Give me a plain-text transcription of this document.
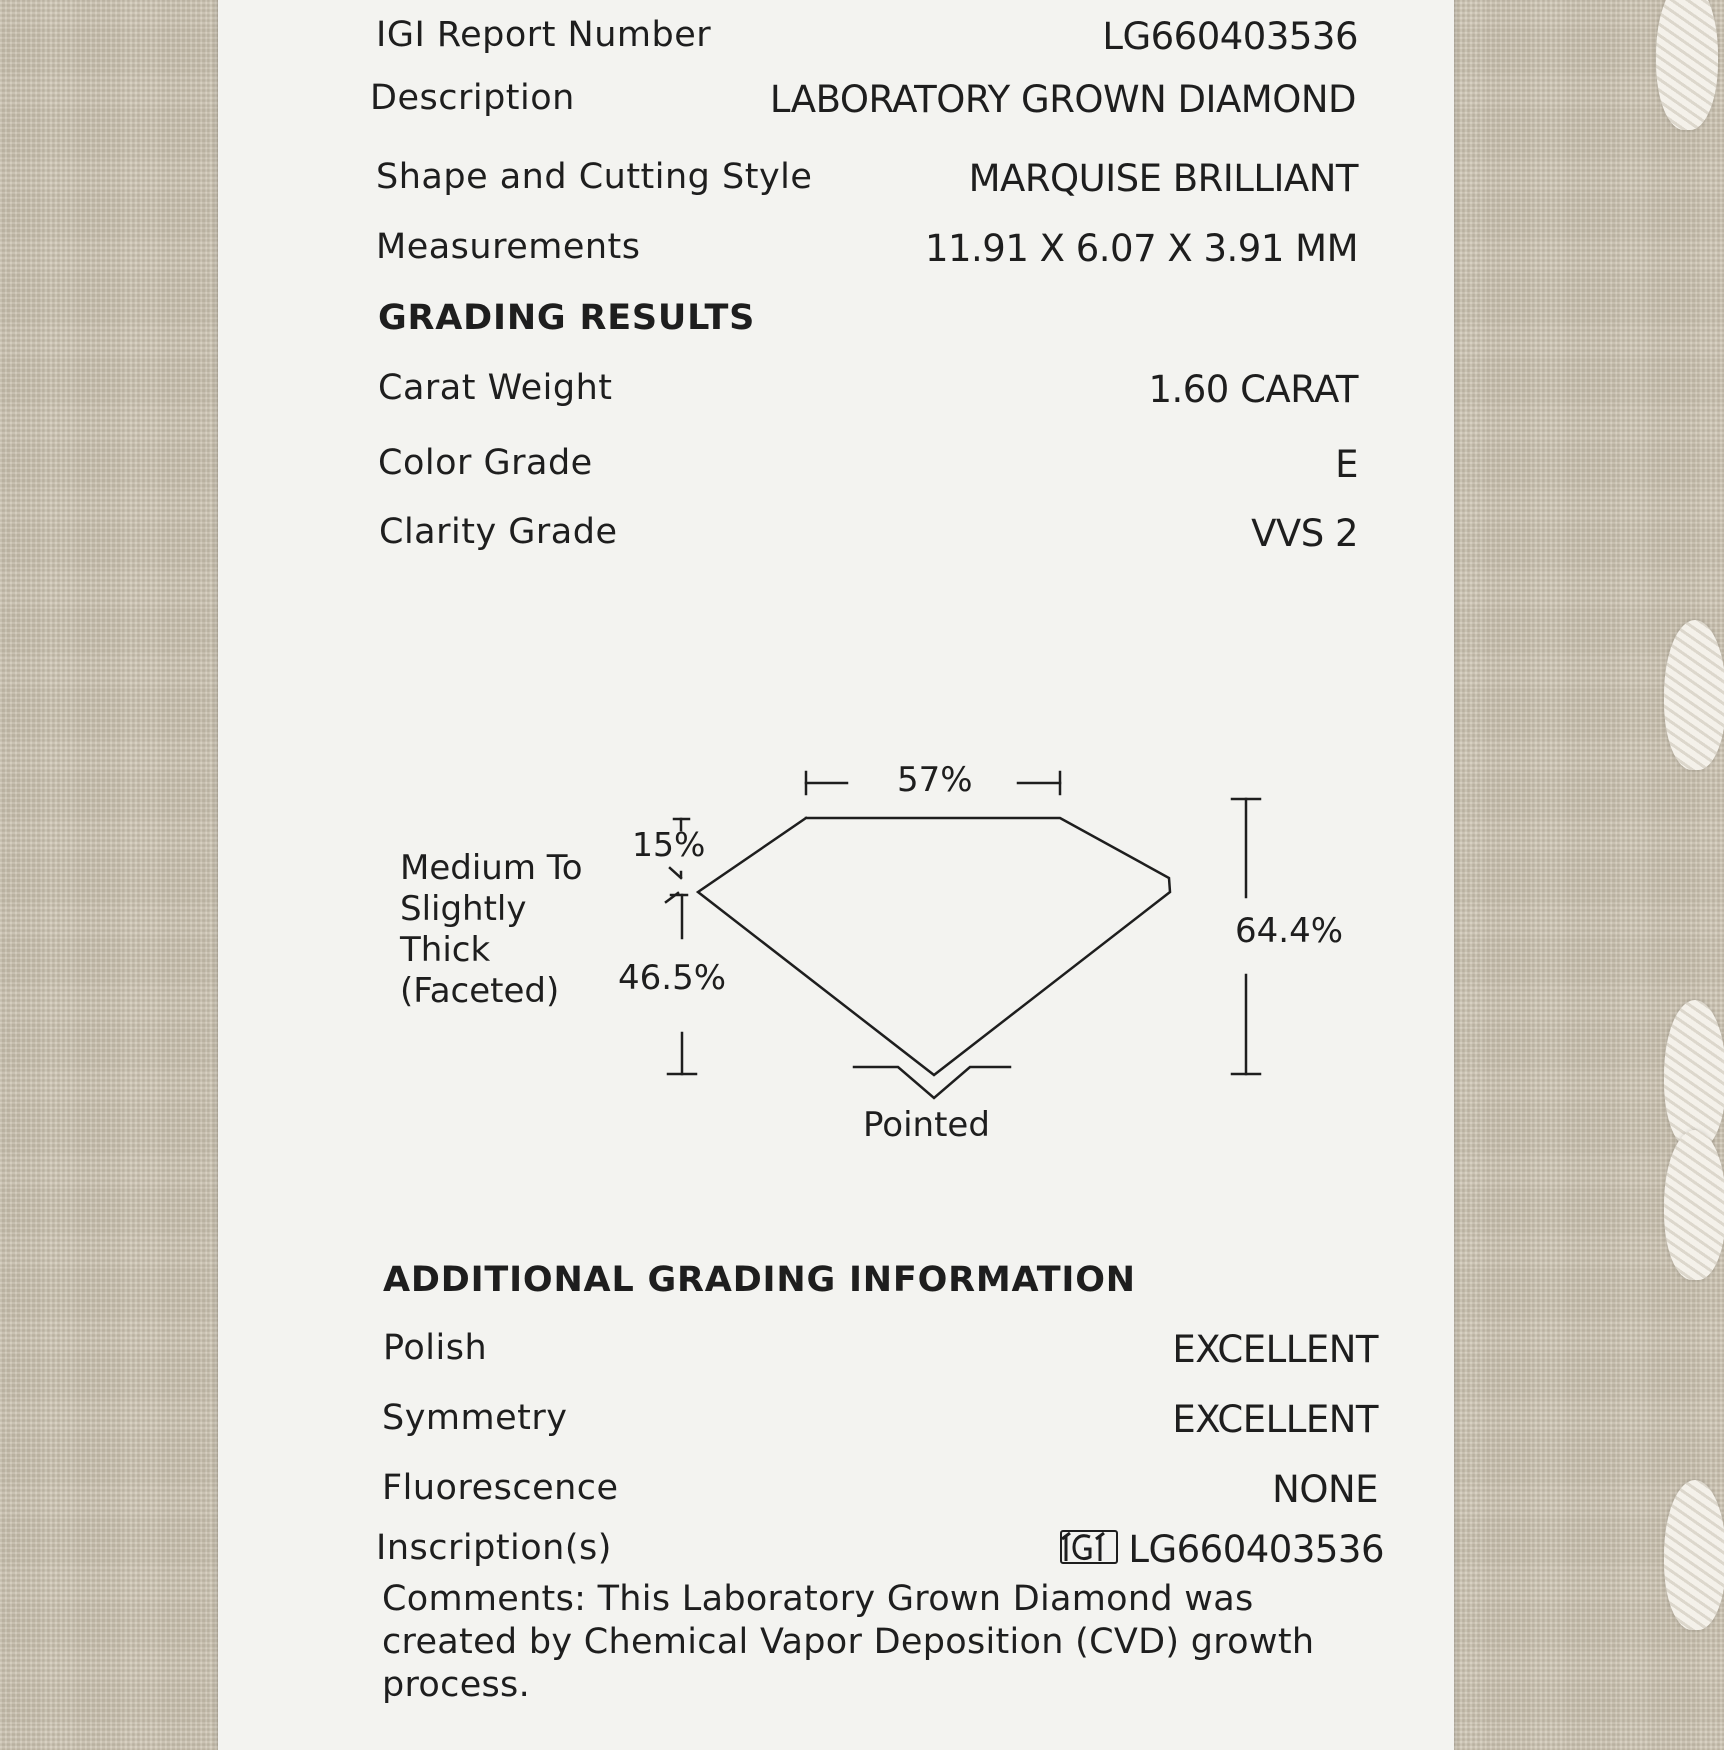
IGI Report Number	LG660403536
Description	LABORATORY GROWN DIAMOND
Shape and Cutting Style	MARQUISE BRILLIANT
Measurements	11.91 X 6.07 X 3.91 MM
GRADING RESULTS
Carat Weight	1.60 CARAT
Color Grade	E
Clarity Grade	VVS 2
57%
15%
46.5%
64.4%
Pointed
Medium To
Slightly
Thick
(Faceted)
ADDITIONAL GRADING INFORMATION
Polish	EXCELLENT
Symmetry	EXCELLENT
Fluorescence	NONE
Inscription(s)	LG660403536
Comments: This Laboratory Grown Diamond was created by Chemical Vapor Deposition (CVD) growth process.
